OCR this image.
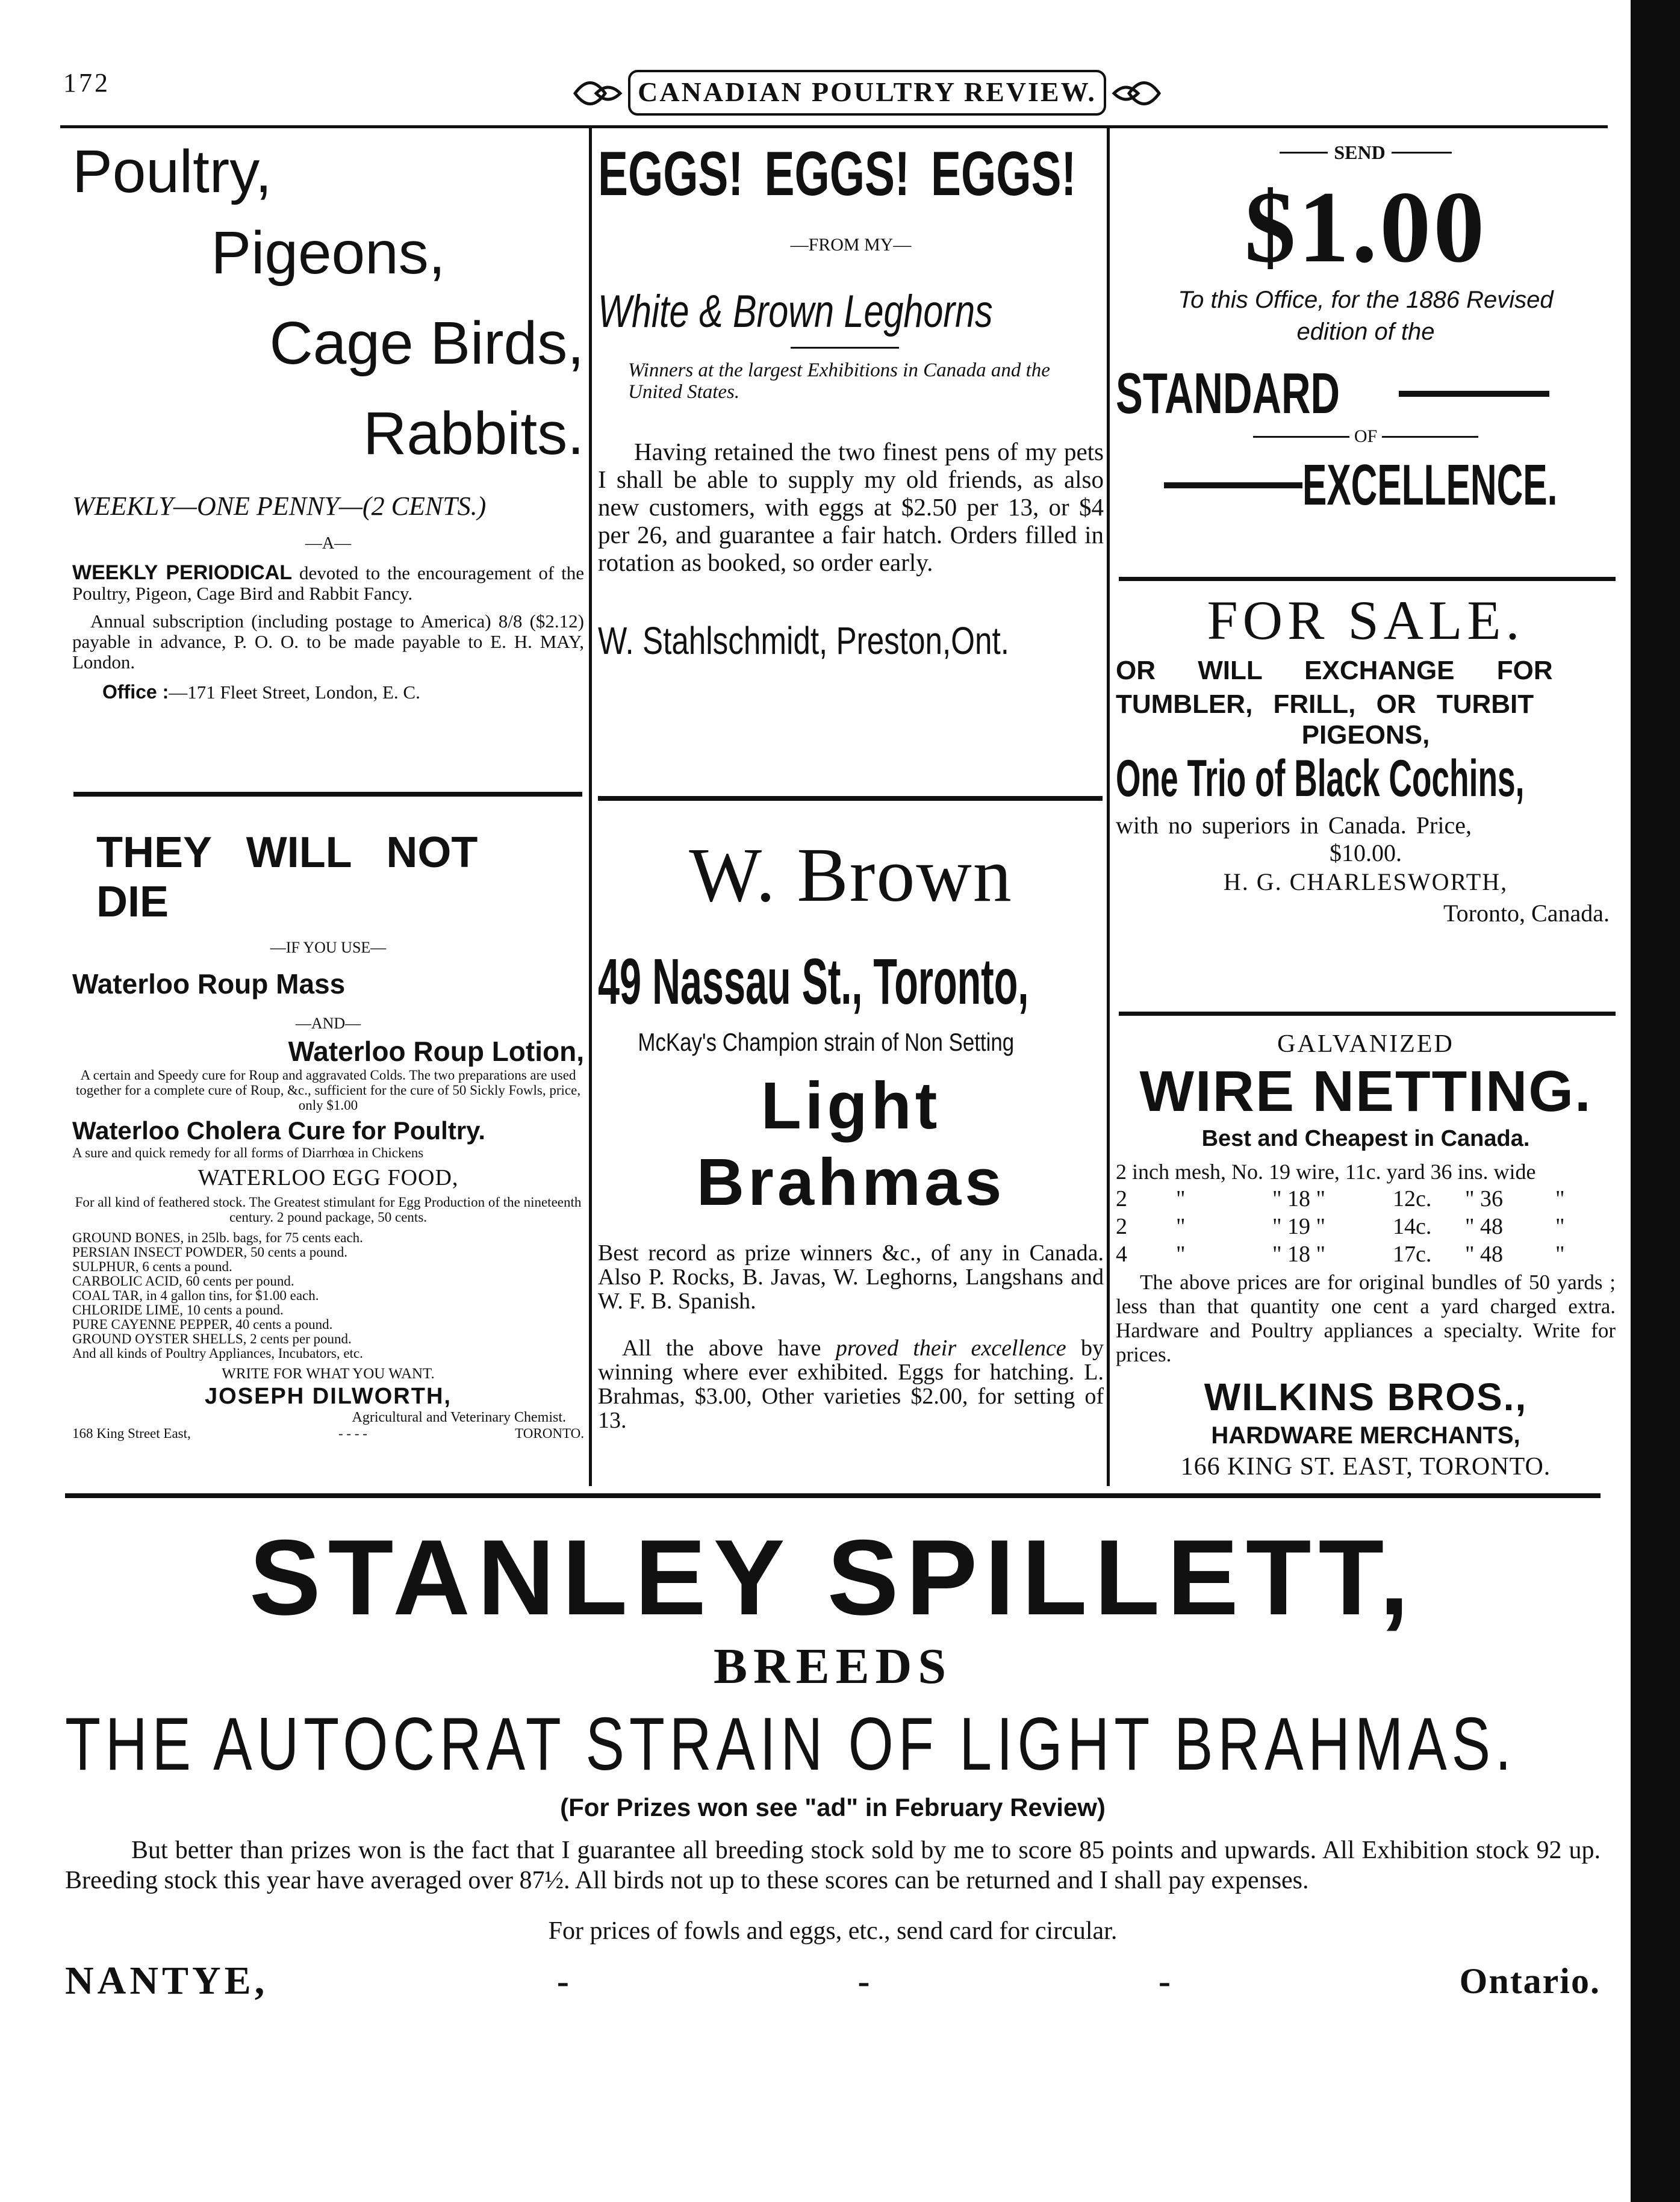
172	CANADIAN POULTRY REVIEW.
Poultry,
Pigeons,
Cage Birds,
Rabbits.
WEEKLY—ONE PENNY—(2 CENTS.)
—A—

WEEKLY PERIODICAL devoted to the encouragement of the Poultry, Pigeon, Cage Bird and Rabbit Fancy.

Annual subscription (including postage to America) 8/8 ($2.12) payable in advance, P. O. O. to be made payable to E. H. MAY, London.

Office :—171 Fleet Street, London, E. C.

THEY WILL NOT DIE
—IF YOU USE—
Waterloo Roup Mass
—AND—
Waterloo Roup Lotion,

A certain and Speedy cure for Roup and aggravated Colds. The two preparations are used together for a complete cure of Roup, &c., sufficient for the cure of 50 Sickly Fowls, price, only $1.00

Waterloo Cholera Cure for Poultry.

A sure and quick remedy for all forms of Diarrhœa in Chickens

WATERLOO EGG FOOD,

For all kind of feathered stock. The Greatest stimulant for Egg Production of the nineteenth century. 2 pound package, 50 cents.

GROUND BONES, in 25lb. bags, for 75 cents each.
PERSIAN INSECT POWDER, 50 cents a pound.
SULPHUR, 6 cents a pound.
CARBOLIC ACID, 60 cents per pound.
COAL TAR, in 4 gallon tins, for $1.00 each.
CHLORIDE LIME, 10 cents a pound.
PURE CAYENNE PEPPER, 40 cents a pound.
GROUND OYSTER SHELLS, 2 cents per pound.
And all kinds of Poultry Appliances, Incubators, etc.
WRITE FOR WHAT YOU WANT.
JOSEPH DILWORTH,
Agricultural and Veterinary Chemist.
168 King Street East,	- - - -	TORONTO.
EGGS! EGGS! EGGS!
—FROM MY—
White & Brown Leghorns

Winners at the largest Exhibitions in Canada and the United States.

Having retained the two finest pens of my pets I shall be able to supply my old friends, as also new customers, with eggs at $2.50 per 13, or $4 per 26, and guarantee a fair hatch. Orders filled in rotation as booked, so order early.

W. Stahlschmidt, Preston,Ont.
W. Brown
49 Nassau St., Toronto,
McKay's Champion strain of Non Setting
Light Brahmas

Best record as prize winners &c., of any in Canada. Also P. Rocks, B. Javas, W. Leghorns, Langshans and W. F. B. Spanish.

All the above have proved their excellence by winning where ever exhibited. Eggs for hatching. L. Brahmas, $3.00, Other varieties $2.00, for setting of 13.

SEND
$1.00
To this Office, for the 1886 Revised
edition of the
STANDARD
OF
EXCELLENCE.
FOR SALE.
OR WILL EXCHANGE FOR
TUMBLER, FRILL, OR TURBIT
PIGEONS,
One Trio of Black Cochins,
with no superiors in Canada. Price,
$10.00.
H. G. CHARLESWORTH,
Toronto, Canada.
GALVANIZED
WIRE NETTING.
Best and Cheapest in Canada.
2 inch mesh, No. 19 wire, 11c. yard 36 ins. wide
2	"	" 18 "	12c.	" 36	"
2	"	" 19 "	14c.	" 48	"
4	"	" 18 "	17c.	" 48	"

The above prices are for original bundles of 50 yards ; less than that quantity one cent a yard charged extra. Hardware and Poultry appliances a specialty. Write for prices.

WILKINS BROS.,
HARDWARE MERCHANTS,
166 KING ST. EAST, TORONTO.
STANLEY SPILLETT,
BREEDS
THE AUTOCRAT STRAIN OF LIGHT BRAHMAS.
(For Prizes won see "ad" in February Review)

But better than prizes won is the fact that I guarantee all breeding stock sold by me to score 85 points and upwards. All Exhibition stock 92 up. Breeding stock this year have averaged over 87½. All birds not up to these scores can be returned and I shall pay expenses.

For prices of fowls and eggs, etc., send card for circular.
NANTYE,	-	-	-	Ontario.
